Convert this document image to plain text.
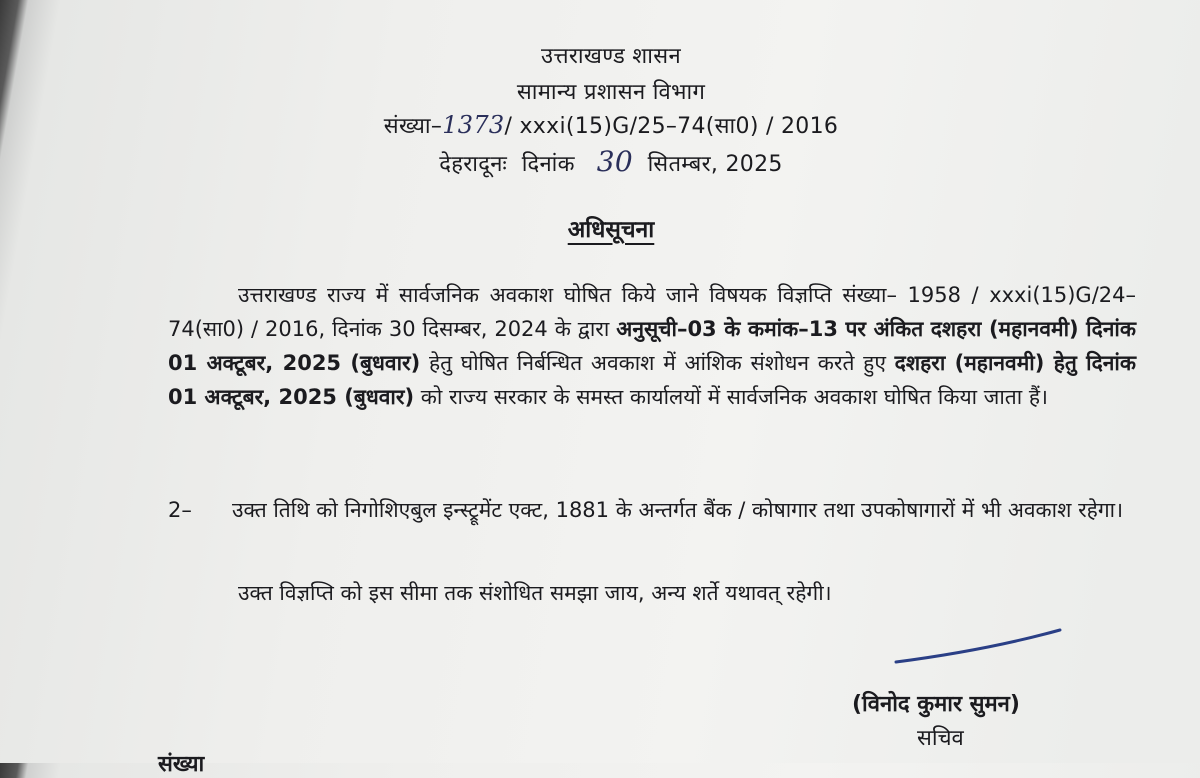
उत्तराखण्ड शासन
सामान्य प्रशासन विभाग
संख्या–1373/ xxxi(15)G/25–74(सा0) / 2016
देहरादूनः दिनांक 30 सितम्बर, 2025
अधिसूचना
उत्तराखण्ड राज्य में सार्वजनिक अवकाश घोषित किये जाने विषयक विज्ञप्ति संख्या– 1958 / xxxi(15)G/24–74(सा0) / 2016, दिनांक 30 दिसम्बर, 2024 के द्वारा अनुसूची–03 के कमांक–13 पर अंकित दशहरा (महानवमी) दिनांक 01 अक्टूबर, 2025 (बुधवार) हेतु घोषित निर्बन्धित अवकाश में आंशिक संशोधन करते हुए दशहरा (महानवमी) हेतु दिनांक 01 अक्टूबर, 2025 (बुधवार) को राज्य सरकार के समस्त कार्यालयों में सार्वजनिक अवकाश घोषित किया जाता हैं।
2– उक्त तिथि को निगोशिएबुल इन्स्ट्रूमेंट एक्ट, 1881 के अन्तर्गत बैंक / कोषागार तथा उपकोषागारों में भी अवकाश रहेगा।
उक्त विज्ञप्ति को इस सीमा तक संशोधित समझा जाय, अन्य शर्ते यथावत् रहेगी।
(विनोद कुमार सुमन)
सचिव
संख्या
